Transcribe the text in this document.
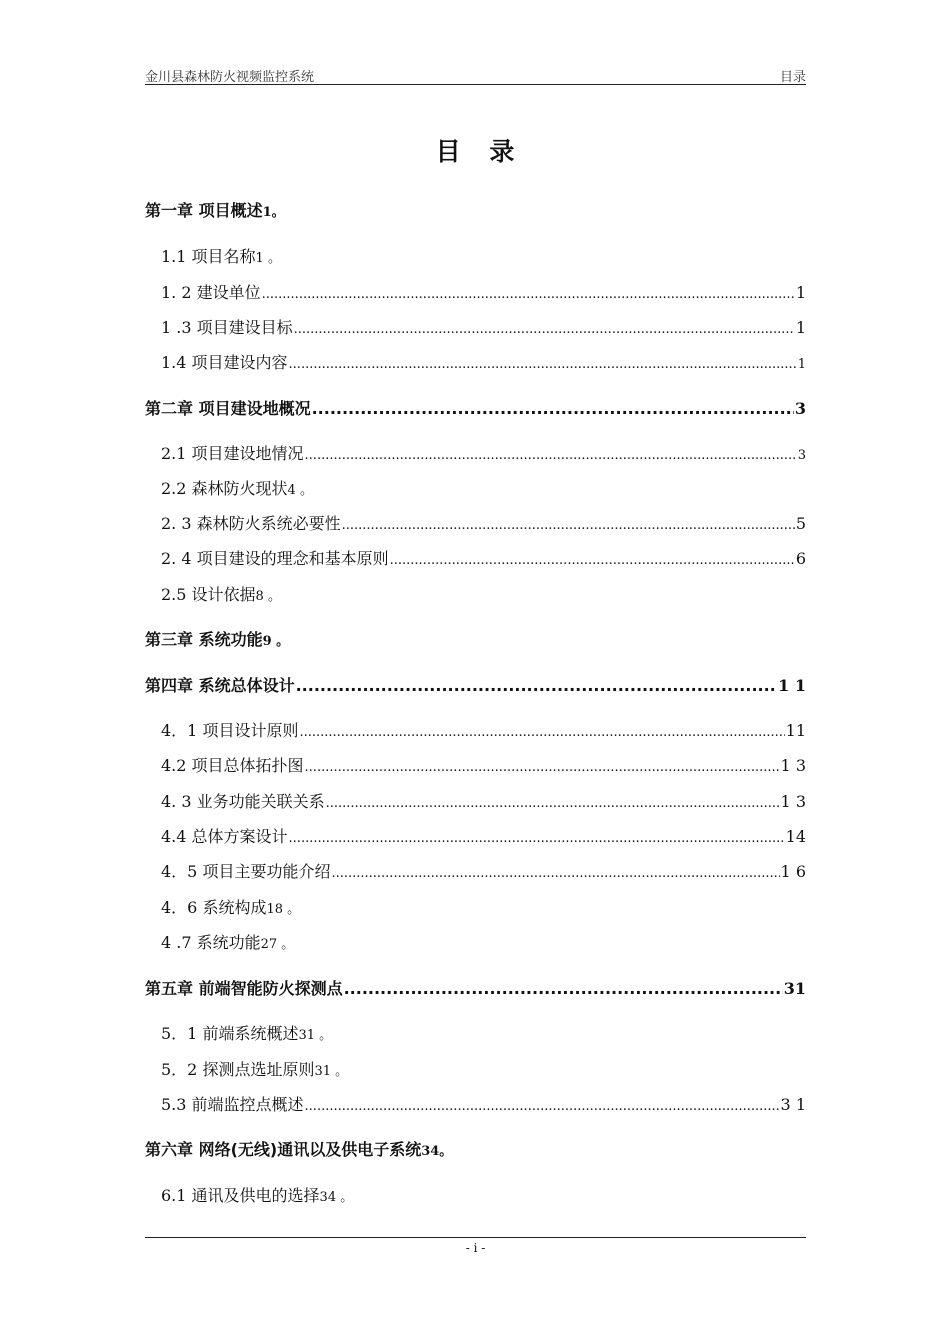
金川县森林防火视频监控系统	目录
目 录
第一章 项目概述 1。
1.1 项目名称 1 。
1. 2 建设单位 .....	1
1 .3 项目建设目标 .....	1
1.4 项目建设内容 .....	1
第二章 项目建设地概况 .....	3
2.1 项目建设地情况 .....	3
2.2 森林防火现状 4 。
2. 3 森林防火系统必要性 .....	5
2. 4 项目建设的理念和基本原则 .....	6
2.5 设计依据 8 。
第三章 系统功能 9 。
第四章 系统总体设计 .....	1 1
4．1 项目设计原则 .....	11
4.2 项目总体拓扑图 .....	1 3
4. 3 业务功能关联关系 .....	1 3
4.4 总体方案设计 .....	14
4．5 项目主要功能介绍 .....	1 6
4．6 系统构成 18 。
4 .7 系统功能 27 。
第五章 前端智能防火探测点 .....	31
5．1 前端系统概述 31 。
5．2 探测点选址原则 31 。
5.3 前端监控点概述 .....	3 1
第六章 网络(无线)通讯以及供电子系统 34。
6.1 通讯及供电的选择 34 。
- i -
